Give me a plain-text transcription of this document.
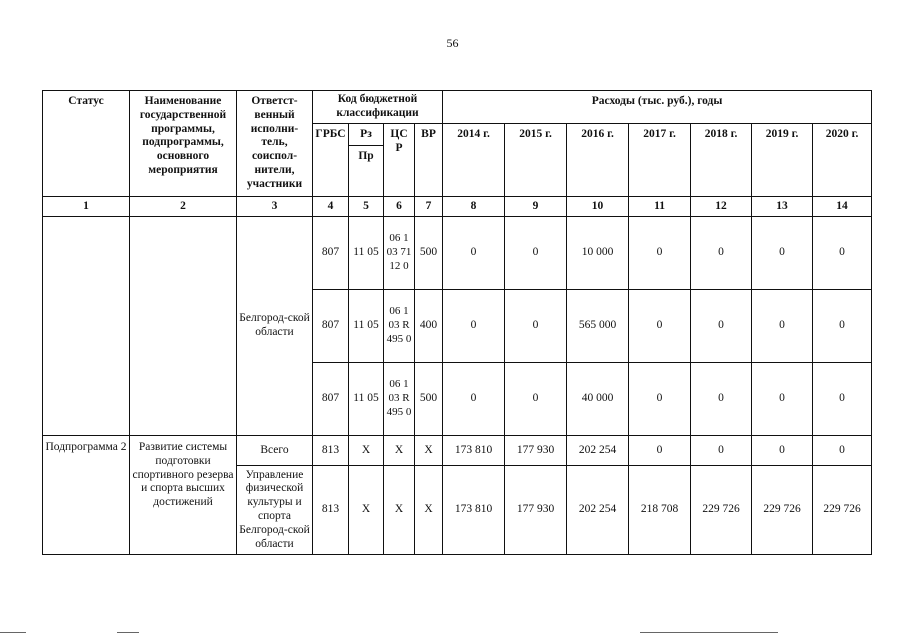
56
Статус	Наименование государственной программы, подпрограммы, основного мероприятия	Ответст-венный исполни-тель, соиспол-нители, участники	Код бюджетной классификации				Расходы (тыс. руб.), годы						
			ГРБС	Рз	ЦС Р	ВР	2014 г.	2015 г.	2016 г.	2017 г.	2018 г.	2019 г.	2020 г.
				Пр									
1	2	3	4	5	6	7	8	9	10	11	12	13	14
		Белгород-ской области	807	11 05	06 1 03 7112 0	500	0	0	10 000	0	0	0	0
			807	11 05	06 1 03 R495 0	400	0	0	565 000	0	0	0	0
			807	11 05	06 1 03 R495 0	500	0	0	40 000	0	0	0	0
Подпрограмма 2	Развитие системы подготовки спортивного резерва и спорта высших достижений	Всего	813	X	X	X	173 810	177 930	202 254	0	0	0	0
		Управление физической культуры и спорта Белгород-ской области	813	X	X	X	173 810	177 930	202 254	218 708	229 726	229 726	229 726
